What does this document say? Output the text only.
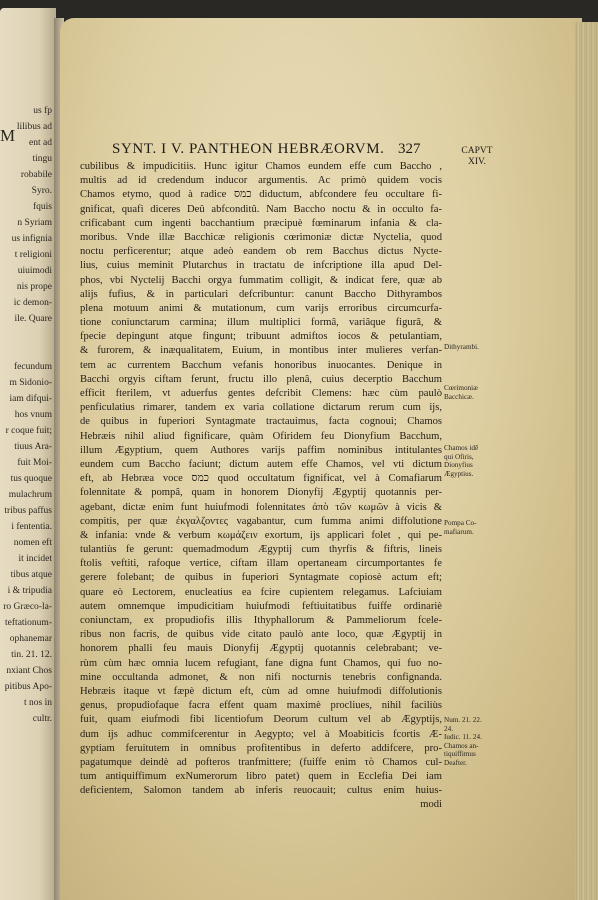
M
us fp
lilibus ad
ent ad
tingu
robabile
Syro.
fquis
n Syriam
us infignia
t religioni
uiuimodi
nis prope
ic demon-
ile. Quare
fecundum
m Sidonio-
iam difqui-
hos vnum
r coque fuit;
tiuus Ara-
fuit Moi-
tus quoque
mulachrum
tribus paffus
i fententia.
nomen eft
it incidet
tibus atque
i & tripudia
ro Græco-la-
teftationum-
ophanemar
tin. 21. 12.
nxiant Chos
pitibus Apo-
t nos in
cultr.
SYNT. I V. PANTHEON HEBRÆORVM. 327	CAPVT
XIV.
cubilibus & impudicitiis. Hunc igitur Chamos eundem effe cum Baccho ,
multis ad id credendum inducor argumentis. Ac primò quidem vocis
Chamos etymo, quod à radice כמס diductum, abfcondere feu occultare fi-
gnificat, quafi diceres Deû abfconditû. Nam Baccho noctu & in occulto fa-
crificabant cum ingenti bacchantium præcipuè fœminarum infania & cla-
moribus. Vnde illæ Bacchicæ religionis cœrimoniæ dictæ Nyctelia, quod
noctu perficerentur; atque adeò eandem ob rem Bacchus dictus Nycte-
lius, cuius meminit Plutarchus in tractatu de infcriptione illa apud Del-
phos, vbi Nyctelij Bacchi orgya fummatim colligit, & indicat fere, quæ ab
alijs fufius, & in particulari defcribuntur: canunt Baccho Dithyrambos
plena motuum animi & mutationum, cum varijs erroribus circumcurfa-
tione coniunctarum carmina; illum multiplici formâ, variâque figurâ, &
fpecie depingunt atque fingunt; tribuunt admiftos iocos & petulantiam,
& furorem, & inæqualitatem, Euium, in montibus inter mulieres verfan-
tem ac currentem Bacchum vefanis honoribus inuocantes. Denique in
Bacchi orgyis ciftam ferunt, fructu illo plenâ, cuius decerptio Bacchum
efficit fterilem, vt aduerfus gentes defcribit Clemens: hæc cùm paulò
penficulatius rimarer, tandem ex varia collatione dictarum rerum cum ijs,
de quibus in fuperiori Syntagmate tractauimus, facta cognoui; Chamos
Hebræis nihil aliud fignificare, quàm Ofiridem feu Dionyfium Bacchum,
illum Ægyptium, quem Authores varijs paffim nominibus intitulantes
eundem cum Baccho faciunt; dictum autem effe Chamos, vel vti dictum
eft, ab Hebræa voce כמס quod occultatum fignificat, vel à Comafiarum
folennitate & pompâ, quam in honorem Dionyfij Ægyptij quotannis per-
agebant, dictæ enim funt huiufmodi folennitates ἀπὸ τῶν κωμῶν à vicis &
compitis, per quæ ἐκγαλζοντες vagabantur, cum fumma animi diffolutione
& infania: vnde & verbum κωμάζειν exortum, ijs applicari folet , qui pe-
tulantiùs fe gerunt: quemadmodum Ægyptij cum thyrfis & fiftris, lineis
ftolis veftiti, rafoque vertice, ciftam illam opertaneam circumportantes fe
gerere folebant; de quibus in fuperiori Syntagmate copiosè actum eft;
quare eò Lectorem, enucleatius ea fcire cupientem relegamus. Lafciuiam
autem omnemque impudicitiam huiufmodi feftiuitatibus fuiffe ordinariè
coniunctam, ex propudiofis illis Ithyphallorum & Pammeliorum fcele-
ribus non facris, de quibus vide citato paulò ante loco, quæ Ægyptij in
honorem phalli feu mauis Dionyfij Ægyptij quotannis celebrabant; ve-
rùm cùm hæc omnia lucem refugiant, fane digna funt Chamos, qui fuo no-
mine occultanda admonet, & non nifi nocturnis tenebris confignanda.
Hebræis itaque vt fæpè dictum eft, cùm ad omne huiufmodi diffolutionis
genus, propudiofaque facra effent quam maximè procliues, nihil faciliùs
fuit, quam eiufmodi fibi licentiofum Deorum cultum vel ab Ægyptijs,
dum ijs adhuc commifcerentur in Aegypto; vel à Moabiticis fcortis Æ-
gyptiam feruitutem in omnibus profitentibus in deferto addifcere, pro-
pagatumque deindè ad pofteros tranfmittere; (fuiffe enim τὸ Chamos cul-
tum antiquiffimum exNumerorum libro patet) quem in Ecclefia Dei iam
deficientem, Salomon tandem ab inferis reuocauit; cultus enim huius-
modi
Dithyrambi.
Cœrimoniæ
Bacchicæ.
Chamos idē
qui Ofiris,
Dionyfius
Ægyptius.
Pompa Co-
mafiarum.
Num. 21. 22.
24.
Iudic. 11. 24.
Chamos an-
tiquiffimus
Deafter.
